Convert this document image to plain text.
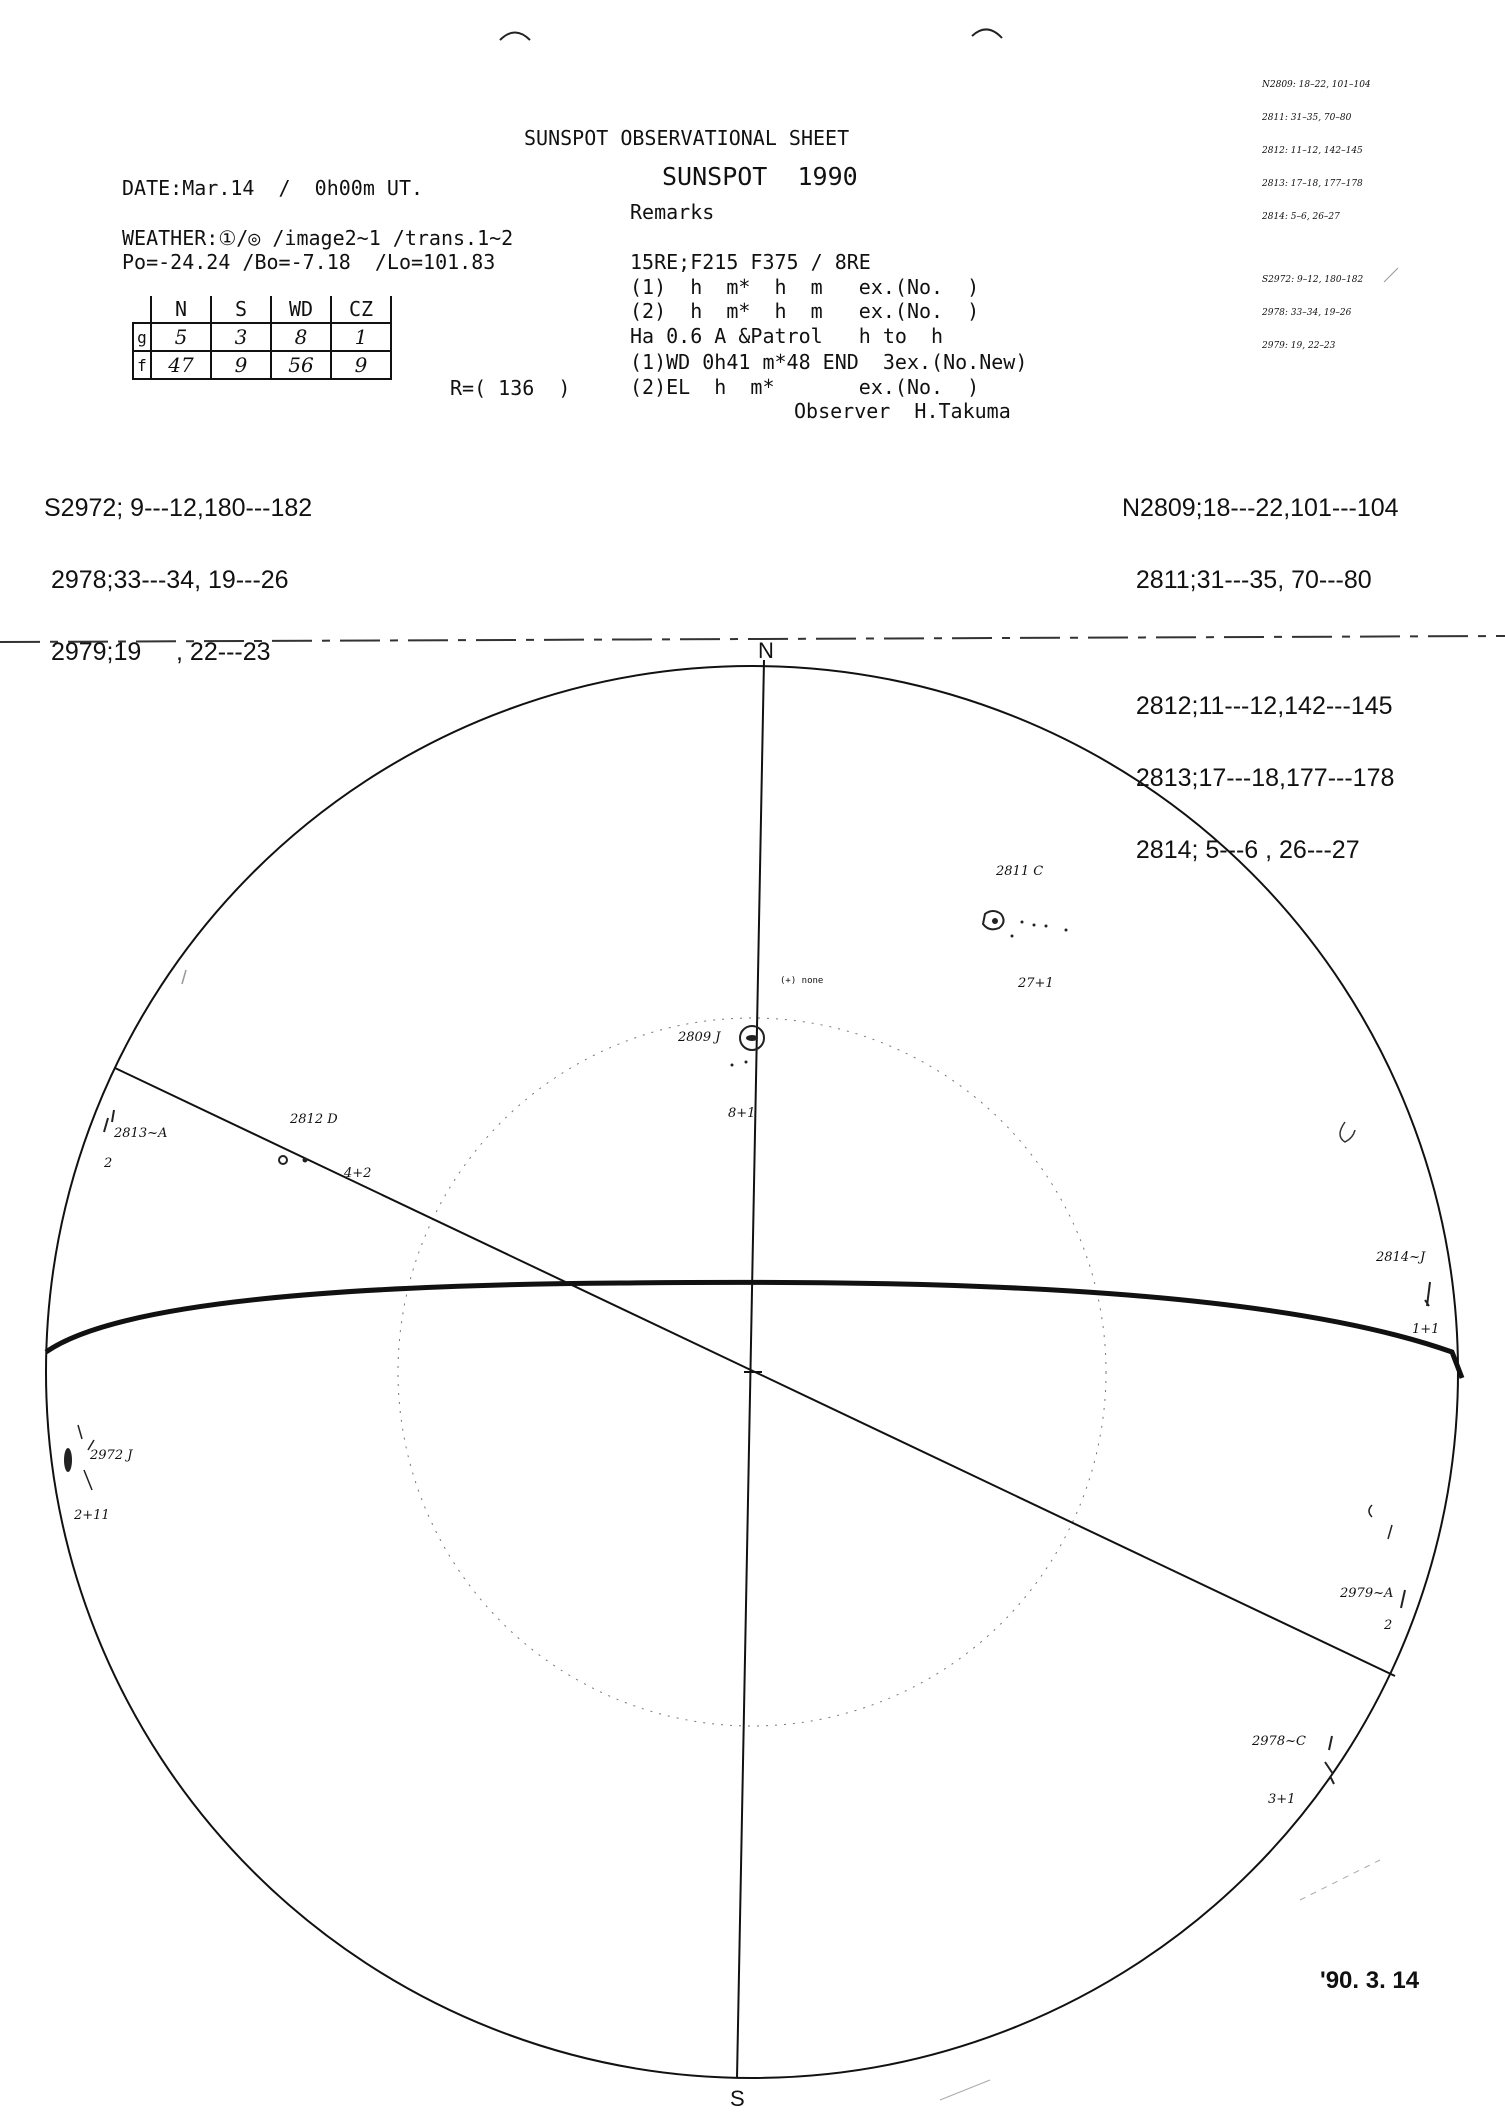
SUNSPOT OBSERVATIONAL SHEET
SUNSPOT  1990
DATE:Mar.14  /  0h00m UT.
WEATHER:①/◎ /image2~1 /trans.1~2
Po=-24.24 /Bo=-7.18  /Lo=101.83
	N	S	WD	CZ
g	5	3	8	1
f	47	9	56	9
R=( 136  )
Remarks
15RE;F215 F375 / 8RE
(1)  h  m*  h  m   ex.(No.  )
(2)  h  m*  h  m   ex.(No.  )
Ha 0.6 A &Patrol   h to  h
(1)WD 0h41 m*48 END  3ex.(No.New)
(2)EL  h  m*       ex.(No.  )
Observer  H.Takuma

N2809: 18–22, 101–104

2811: 31–35, 70–80

2812: 11–12, 142–145

2813: 17–18, 177–178

2814: 5–6, 26–27

S2972: 9–12, 180–182

2978: 33–34, 19–26

2979: 19, 22–23

S2972; 9---12,180---182

2978;33---34, 19---26

2979;19     , 22---23

N2809;18---22,101---104

2811;31---35, 70---80

2812;11---12,142---145

2813;17---18,177---178

2814; 5---6 , 26---27

N
S
2811 C
27+1
2809 J
8+1
2812 D
4+2
2813~A
2
2814~J
1+1
2972 J
2+11
2979~A
2
2978~C
3+1
(+) none
'90. 3. 14
